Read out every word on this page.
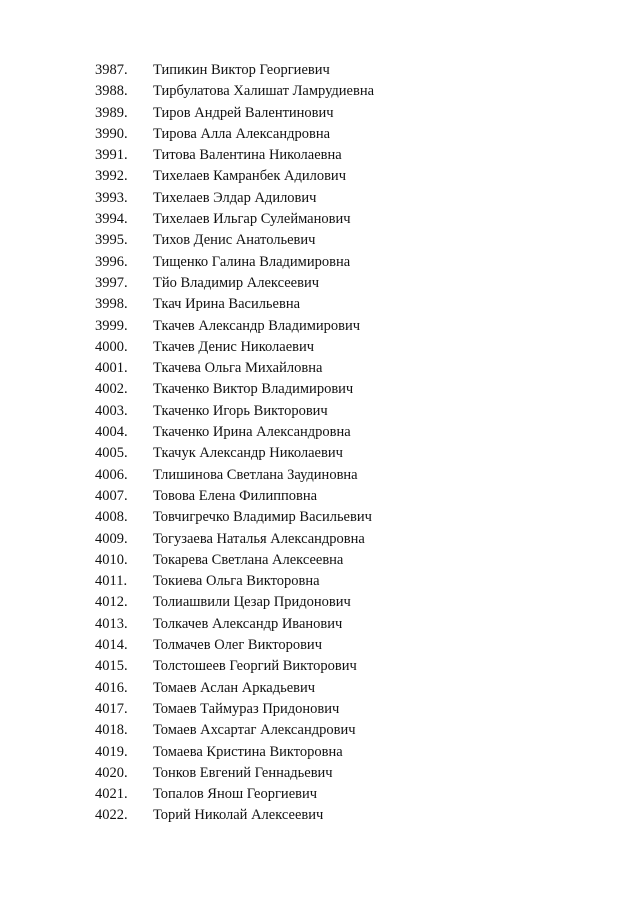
3987.	Типикин Виктор Георгиевич
3988.	Тирбулатова Халишат Ламрудиевна
3989.	Тиров Андрей Валентинович
3990.	Тирова Алла Александровна
3991.	Титова Валентина Николаевна
3992.	Тихелаев Камранбек Адилович
3993.	Тихелаев Элдар Адилович
3994.	Тихелаев Ильгар Сулейманович
3995.	Тихов Денис Анатольевич
3996.	Тищенко Галина Владимировна
3997.	Тйо Владимир Алексеевич
3998.	Ткач Ирина Васильевна
3999.	Ткачев Александр Владимирович
4000.	Ткачев Денис Николаевич
4001.	Ткачева Ольга Михайловна
4002.	Ткаченко Виктор Владимирович
4003.	Ткаченко Игорь Викторович
4004.	Ткаченко Ирина Александровна
4005.	Ткачук Александр Николаевич
4006.	Тлишинова Светлана Заудиновна
4007.	Товова Елена Филипповна
4008.	Товчигречко Владимир Васильевич
4009.	Тогузаева Наталья Александровна
4010.	Токарева Светлана Алексеевна
4011.	Токиева Ольга Викторовна
4012.	Толиашвили Цезар Придонович
4013.	Толкачев Александр Иванович
4014.	Толмачев Олег Викторович
4015.	Толстошеев Георгий Викторович
4016.	Томаев Аслан Аркадьевич
4017.	Томаев Таймураз Придонович
4018.	Томаев Ахсартаг Александрович
4019.	Томаева Кристина Викторовна
4020.	Тонков Евгений Геннадьевич
4021.	Топалов Янош Георгиевич
4022.	Торий Николай Алексеевич
